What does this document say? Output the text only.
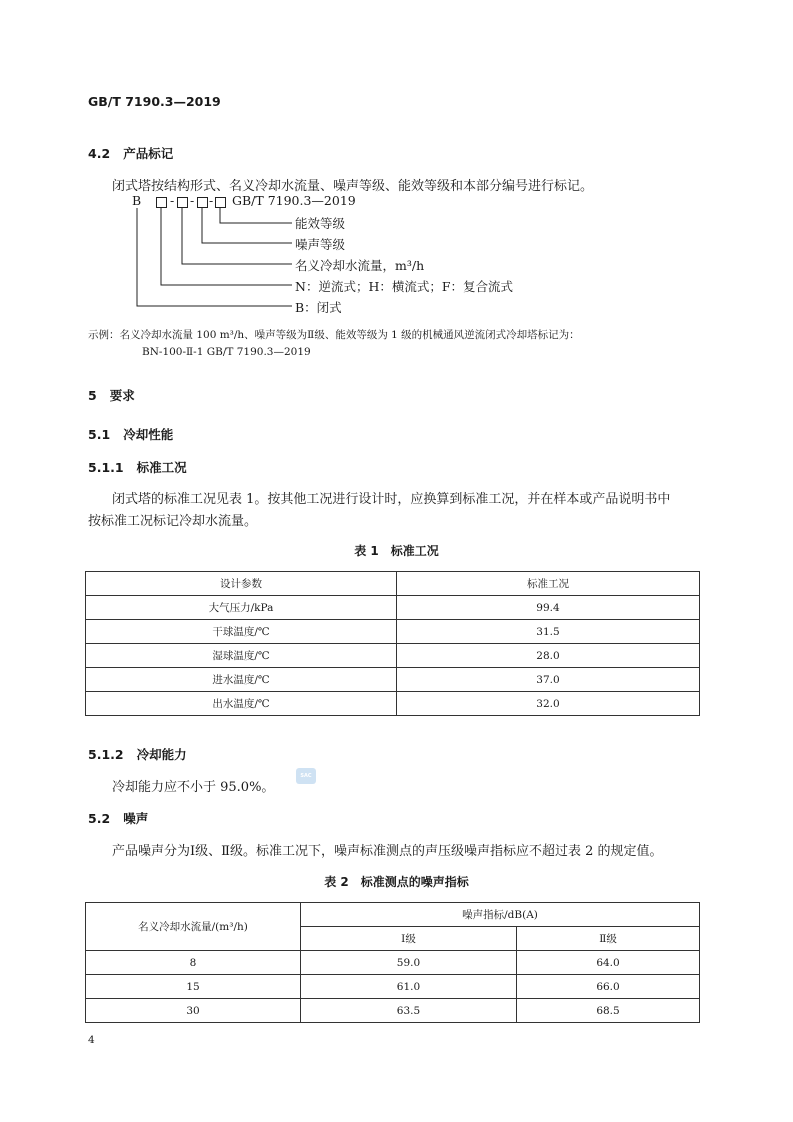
GB/T 7190.3—2019
4.2 产品标记
闭式塔按结构形式、名义冷却水流量、噪声等级、能效等级和本部分编号进行标记。
B - - - GB/T 7190.3—2019
能效等级
噪声等级
名义冷却水流量，m³/h
N：逆流式；H：横流式；F：复合流式
B：闭式
示例：名义冷却水流量 100 m³/h、噪声等级为Ⅱ级、能效等级为 1 级的机械通风逆流闭式冷却塔标记为：
BN-100-Ⅱ-1 GB/T 7190.3—2019
5 要求
5.1 冷却性能
5.1.1 标准工况
闭式塔的标准工况见表 1。按其他工况进行设计时，应换算到标准工况，并在样本或产品说明书中
按标准工况标记冷却水流量。
表 1　标准工况
设计参数	标准工况
大气压力/kPa	99.4
干球温度/℃	31.5
湿球温度/℃	28.0
进水温度/℃	37.0
出水温度/℃	32.0
5.1.2 冷却能力
冷却能力应不小于 95.0%。
SAC
5.2 噪声
产品噪声分为Ⅰ级、Ⅱ级。标准工况下，噪声标准测点的声压级噪声指标应不超过表 2 的规定值。
表 2　标准测点的噪声指标
名义冷却水流量/(m³/h)	噪声指标/dB(A)	
	Ⅰ级	Ⅱ级
8	59.0	64.0
15	61.0	66.0
30	63.5	68.5
4
